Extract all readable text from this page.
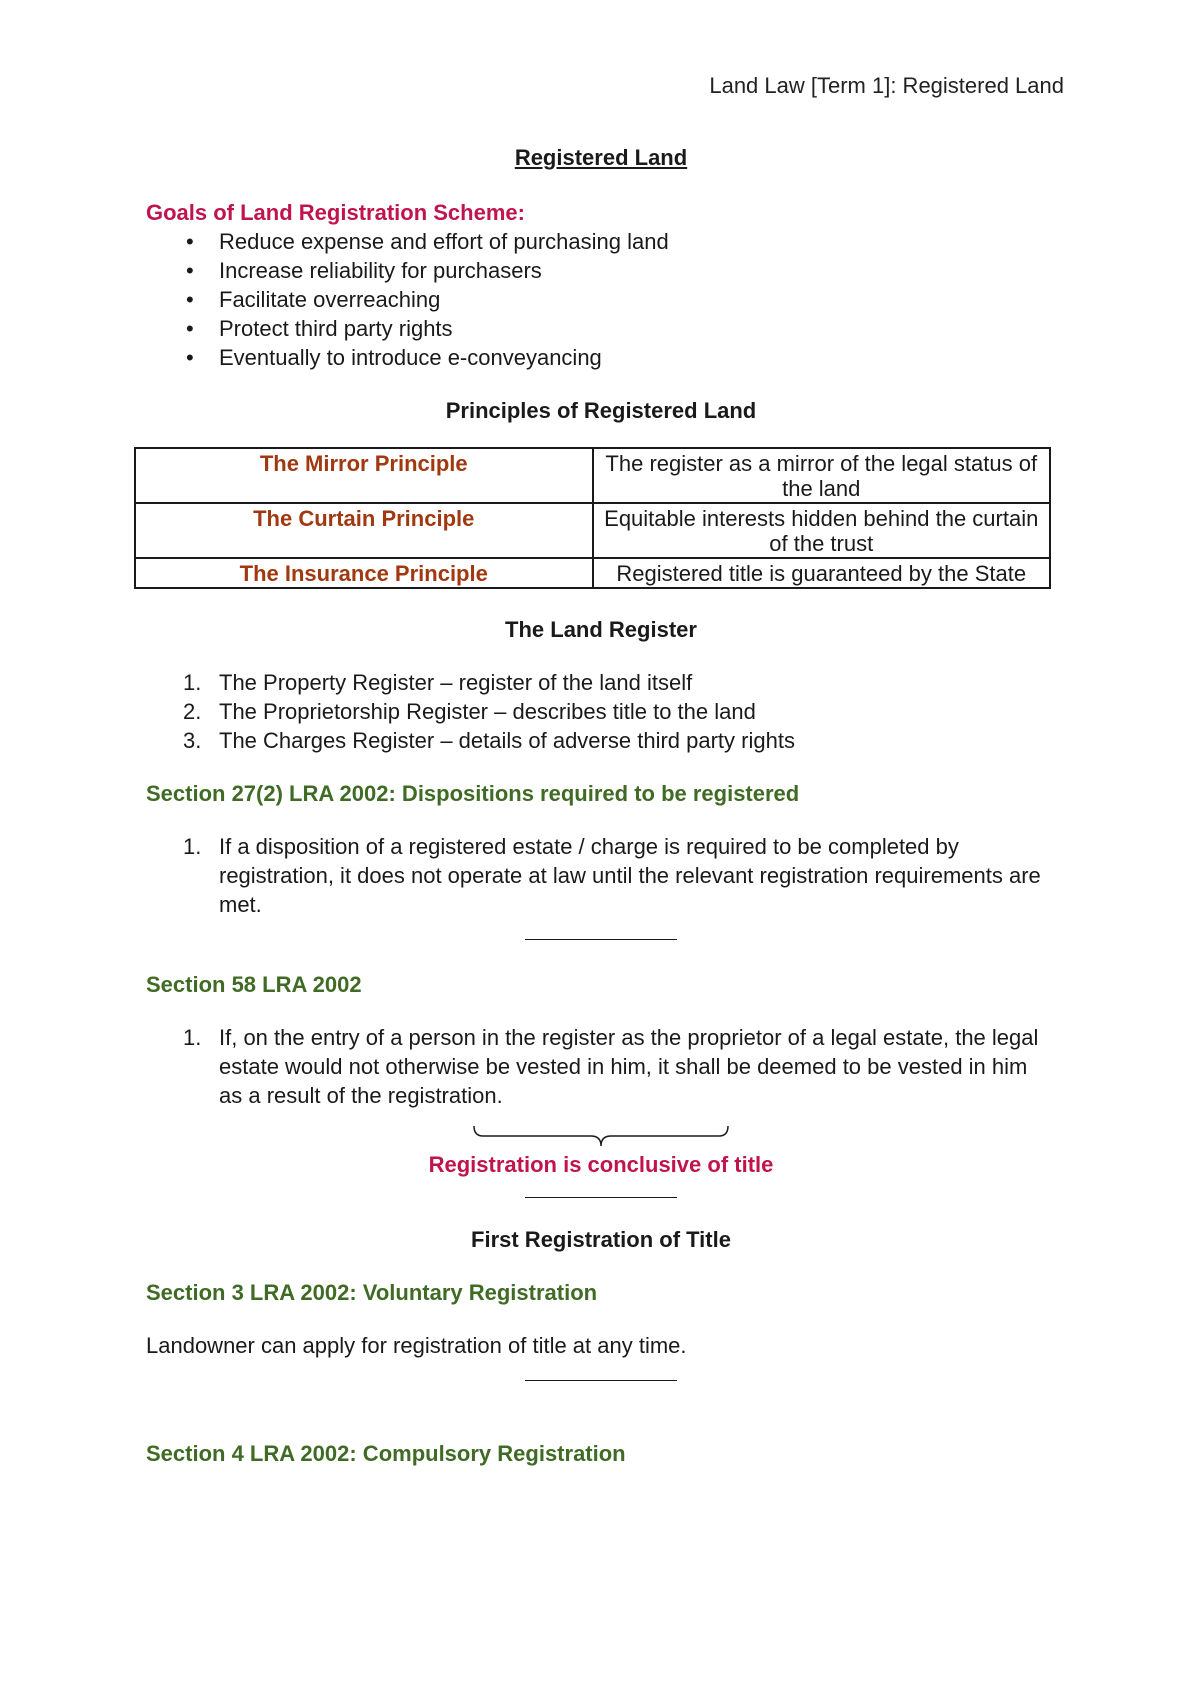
Land Law [Term 1]: Registered Land

Registered Land

Goals of Land Registration Scheme:

• Reduce expense and effort of purchasing land
• Increase reliability for purchasers
• Facilitate overreaching
• Protect third party rights
• Eventually to introduce e-conveyancing

Principles of Registered Land

The Mirror Principle	The register as a mirror of the legal status of the land
The Curtain Principle	Equitable interests hidden behind the curtain of the trust
The Insurance Principle	Registered title is guaranteed by the State

The Land Register

1. The Property Register – register of the land itself
2. The Proprietorship Register – describes title to the land
3. The Charges Register – details of adverse third party rights

Section 27(2) LRA 2002: Dispositions required to be registered

1. If a disposition of a registered estate / charge is required to be completed by registration, it does not operate at law until the relevant registration requirements are met.

Section 58 LRA 2002

1. If, on the entry of a person in the register as the proprietor of a legal estate, the legal estate would not otherwise be vested in him, it shall be deemed to be vested in him as a result of the registration.

Registration is conclusive of title

First Registration of Title

Section 3 LRA 2002: Voluntary Registration

Landowner can apply for registration of title at any time.

Section 4 LRA 2002: Compulsory Registration
